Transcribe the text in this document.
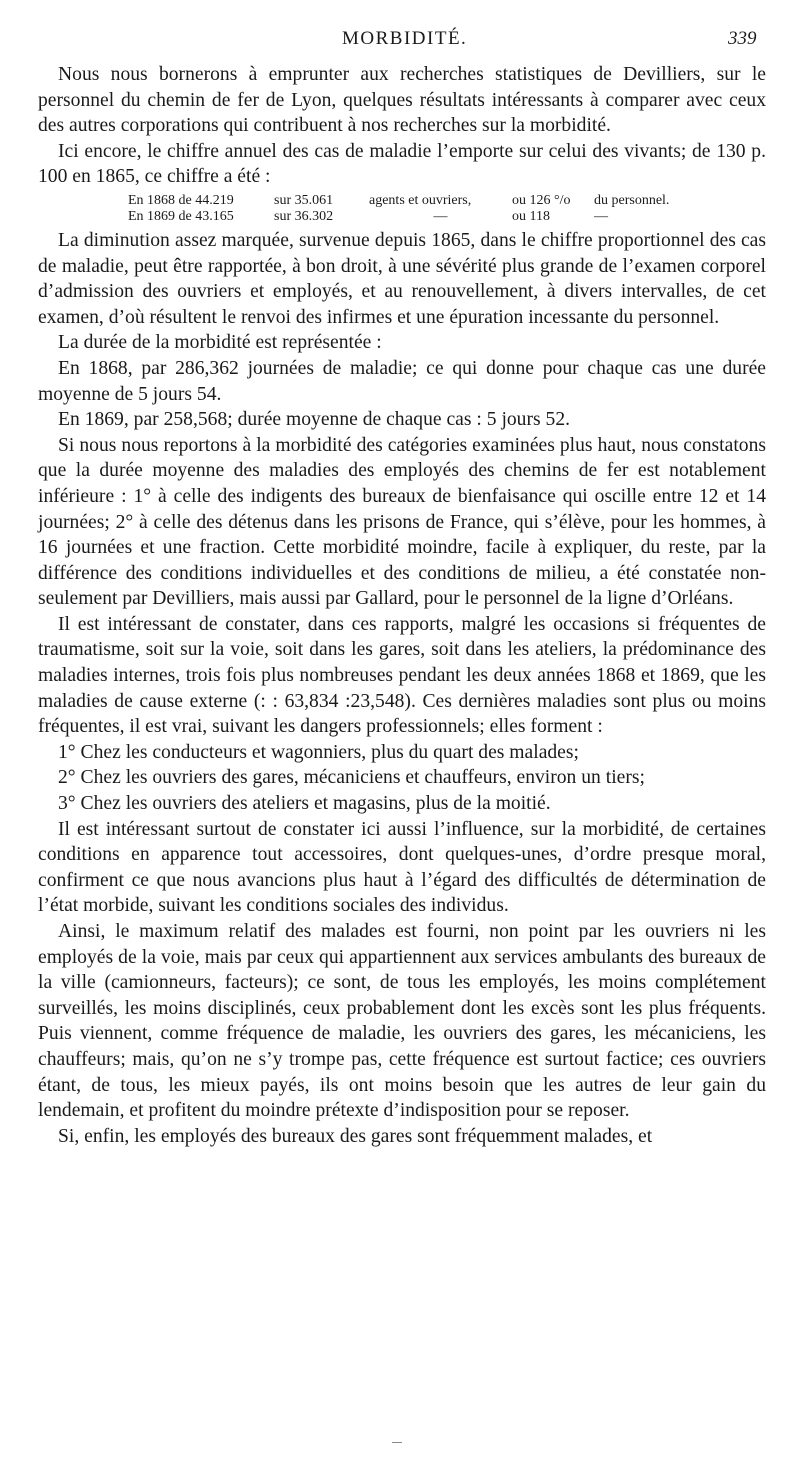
MORBIDITÉ.	339

Nous nous bornerons à emprunter aux recherches statistiques de Devilliers, sur le personnel du chemin de fer de Lyon, quelques résultats intéressants à comparer avec ceux des autres corporations qui contribuent à nos recherches sur la morbidité.

Ici encore, le chiffre annuel des cas de maladie l’emporte sur celui des vivants; de 130 p. 100 en 1865, ce chiffre a été :

En 1868 de 44.219	sur 35.061	agents et ouvriers,	ou 126 °/o	du personnel.
En 1869 de 43.165	sur 36.302	—	ou 118	—

La diminution assez marquée, survenue depuis 1865, dans le chiffre proportionnel des cas de maladie, peut être rapportée, à bon droit, à une sévérité plus grande de l’examen corporel d’admission des ouvriers et employés, et au renouvellement, à divers intervalles, de cet examen, d’où résultent le renvoi des infirmes et une épuration incessante du personnel.

La durée de la morbidité est représentée :

En 1868, par 286,362 journées de maladie; ce qui donne pour chaque cas une durée moyenne de 5 jours 54.

En 1869, par 258,568; durée moyenne de chaque cas : 5 jours 52.

Si nous nous reportons à la morbidité des catégories examinées plus haut, nous constatons que la durée moyenne des maladies des employés des chemins de fer est notablement inférieure : 1° à celle des indigents des bureaux de bienfaisance qui oscille entre 12 et 14 journées; 2° à celle des détenus dans les prisons de France, qui s’élève, pour les hommes, à 16 journées et une fraction. Cette morbidité moindre, facile à expliquer, du reste, par la différence des conditions individuelles et des conditions de milieu, a été constatée non-seulement par Devilliers, mais aussi par Gallard, pour le personnel de la ligne d’Orléans.

Il est intéressant de constater, dans ces rapports, malgré les occasions si fréquentes de traumatisme, soit sur la voie, soit dans les gares, soit dans les ateliers, la prédominance des maladies internes, trois fois plus nombreuses pendant les deux années 1868 et 1869, que les maladies de cause externe (: : 63,834 :23,548). Ces dernières maladies sont plus ou moins fréquentes, il est vrai, suivant les dangers professionnels; elles forment :

1° Chez les conducteurs et wagonniers, plus du quart des malades;

2° Chez les ouvriers des gares, mécaniciens et chauffeurs, environ un tiers;

3° Chez les ouvriers des ateliers et magasins, plus de la moitié.

Il est intéressant surtout de constater ici aussi l’influence, sur la morbidité, de certaines conditions en apparence tout accessoires, dont quelques-unes, d’ordre presque moral, confirment ce que nous avancions plus haut à l’égard des difficultés de détermination de l’état morbide, suivant les conditions sociales des individus.

Ainsi, le maximum relatif des malades est fourni, non point par les ouvriers ni les employés de la voie, mais par ceux qui appartiennent aux services ambulants des bureaux de la ville (camionneurs, facteurs); ce sont, de tous les employés, les moins complétement surveillés, les moins disciplinés, ceux probablement dont les excès sont les plus fréquents. Puis viennent, comme fréquence de maladie, les ouvriers des gares, les mécaniciens, les chauffeurs; mais, qu’on ne s’y trompe pas, cette fréquence est surtout factice; ces ouvriers étant, de tous, les mieux payés, ils ont moins besoin que les autres de leur gain du lendemain, et profitent du moindre prétexte d’indisposition pour se reposer.

Si, enfin, les employés des bureaux des gares sont fréquemment malades, et
